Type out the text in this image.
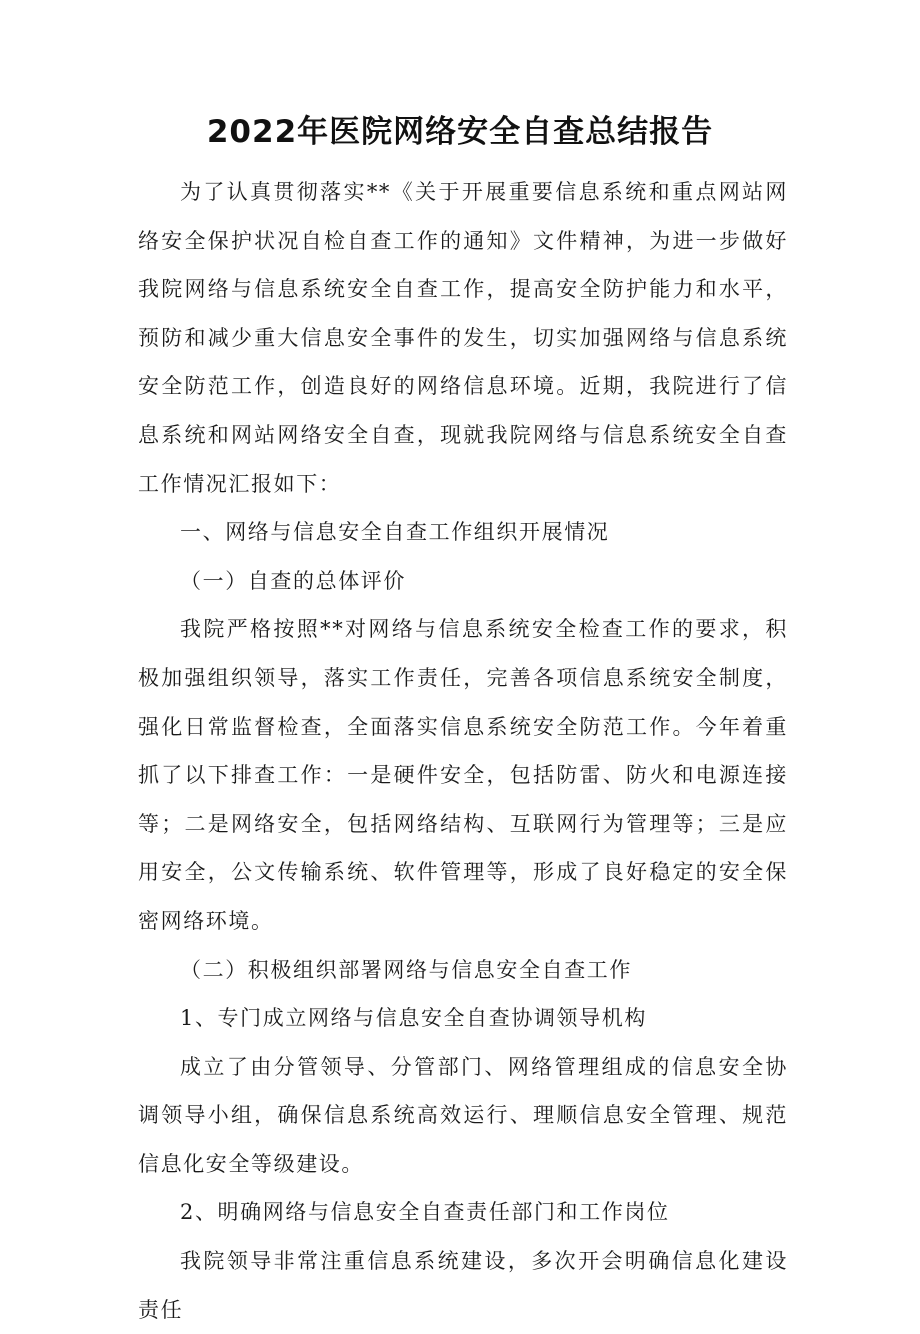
2022年医院网络安全自查总结报告

为了认真贯彻落实**《关于开展重要信息系统和重点网站网络安全保护状况自检自查工作的通知》文件精神，为进一步做好我院网络与信息系统安全自查工作，提高安全防护能力和水平，预防和减少重大信息安全事件的发生，切实加强网络与信息系统安全防范工作，创造良好的网络信息环境。近期，我院进行了信息系统和网站网络安全自查，现就我院网络与信息系统安全自查工作情况汇报如下：

一、网络与信息安全自查工作组织开展情况

（一）自查的总体评价

我院严格按照**对网络与信息系统安全检查工作的要求，积极加强组织领导，落实工作责任，完善各项信息系统安全制度，强化日常监督检查，全面落实信息系统安全防范工作。今年着重抓了以下排查工作：一是硬件安全，包括防雷、防火和电源连接等；二是网络安全，包括网络结构、互联网行为管理等；三是应用安全，公文传输系统、软件管理等，形成了良好稳定的安全保密网络环境。

（二）积极组织部署网络与信息安全自查工作

1、专门成立网络与信息安全自查协调领导机构

成立了由分管领导、分管部门、网络管理组成的信息安全协调领导小组，确保信息系统高效运行、理顺信息安全管理、规范信息化安全等级建设。

2、明确网络与信息安全自查责任部门和工作岗位

我院领导非常注重信息系统建设，多次开会明确信息化建设责任
